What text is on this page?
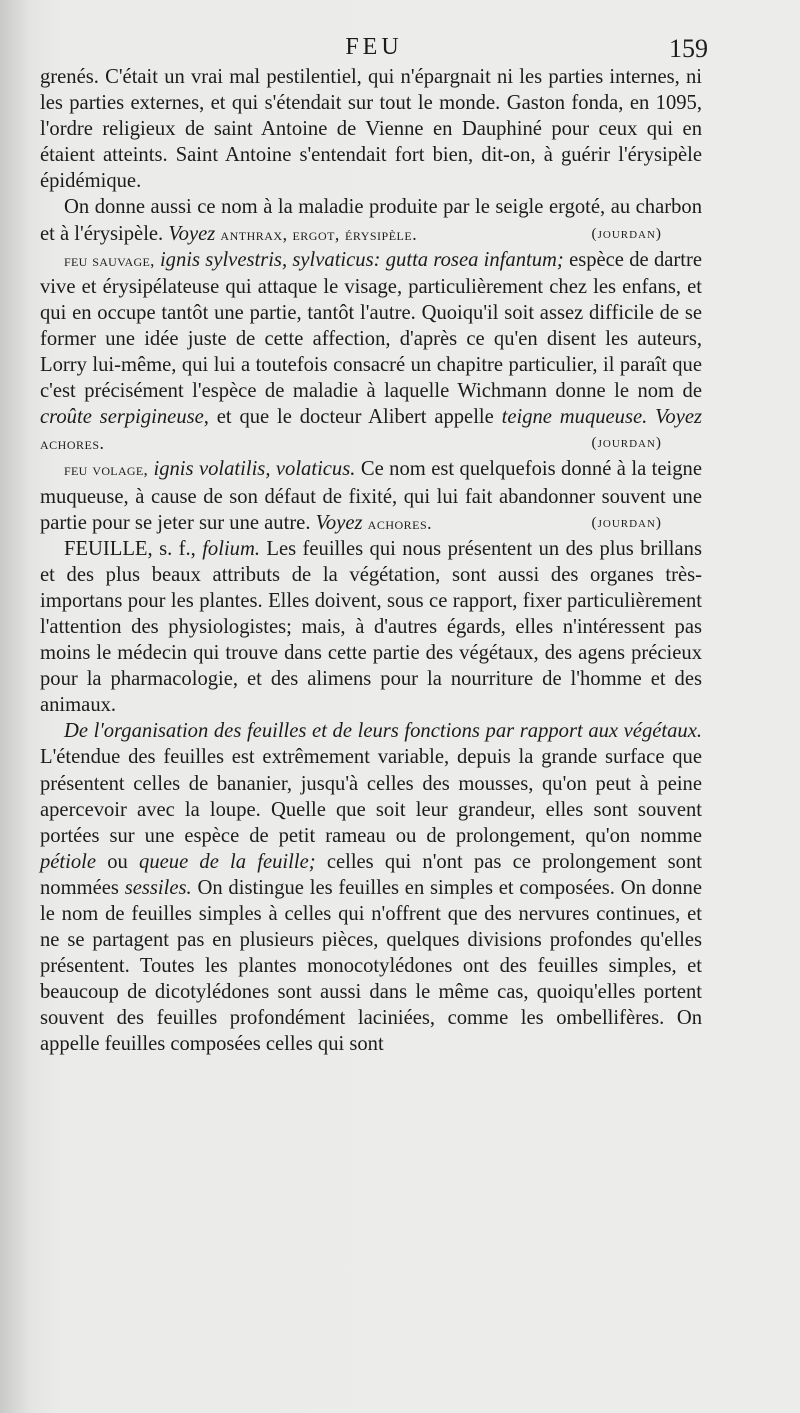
FEU	159

grenés. C'était un vrai mal pestilentiel, qui n'épargnait ni les parties internes, ni les parties externes, et qui s'étendait sur tout le monde. Gaston fonda, en 1095, l'ordre religieux de saint Antoine de Vienne en Dauphiné pour ceux qui en étaient atteints. Saint Antoine s'entendait fort bien, dit-on, à guérir l'érysipèle épidémique.

On donne aussi ce nom à la maladie produite par le seigle ergoté, au charbon et à l'érysipèle. Voyez anthrax, ergot, érysipèle.	(jourdan)

feu sauvage, ignis sylvestris, sylvaticus: gutta rosea infantum; espèce de dartre vive et érysipélateuse qui attaque le visage, particulièrement chez les enfans, et qui en occupe tantôt une partie, tantôt l'autre. Quoiqu'il soit assez difficile de se former une idée juste de cette affection, d'après ce qu'en disent les auteurs, Lorry lui-même, qui lui a toutefois consacré un chapitre particulier, il paraît que c'est précisément l'espèce de maladie à laquelle Wichmann donne le nom de croûte serpigineuse, et que le docteur Alibert appelle teigne muqueuse. Voyez achores.	(jourdan)

feu volage, ignis volatilis, volaticus. Ce nom est quelquefois donné à la teigne muqueuse, à cause de son défaut de fixité, qui lui fait abandonner souvent une partie pour se jeter sur une autre. Voyez achores.	(jourdan)

FEUILLE, s. f., folium. Les feuilles qui nous présentent un des plus brillans et des plus beaux attributs de la végétation, sont aussi des organes très-importans pour les plantes. Elles doivent, sous ce rapport, fixer particulièrement l'attention des physiologistes; mais, à d'autres égards, elles n'intéressent pas moins le médecin qui trouve dans cette partie des végétaux, des agens précieux pour la pharmacologie, et des alimens pour la nourriture de l'homme et des animaux.

De l'organisation des feuilles et de leurs fonctions par rapport aux végétaux. L'étendue des feuilles est extrêmement variable, depuis la grande surface que présentent celles de bananier, jusqu'à celles des mousses, qu'on peut à peine apercevoir avec la loupe. Quelle que soit leur grandeur, elles sont souvent portées sur une espèce de petit rameau ou de prolongement, qu'on nomme pétiole ou queue de la feuille; celles qui n'ont pas ce prolongement sont nommées sessiles. On distingue les feuilles en simples et composées. On donne le nom de feuilles simples à celles qui n'offrent que des nervures continues, et ne se partagent pas en plusieurs pièces, quelques divisions profondes qu'elles présentent. Toutes les plantes monocotylédones ont des feuilles simples, et beaucoup de dicotylédones sont aussi dans le même cas, quoiqu'elles portent souvent des feuilles profondément laciniées, comme les ombellifères. On appelle feuilles composées celles qui sont
